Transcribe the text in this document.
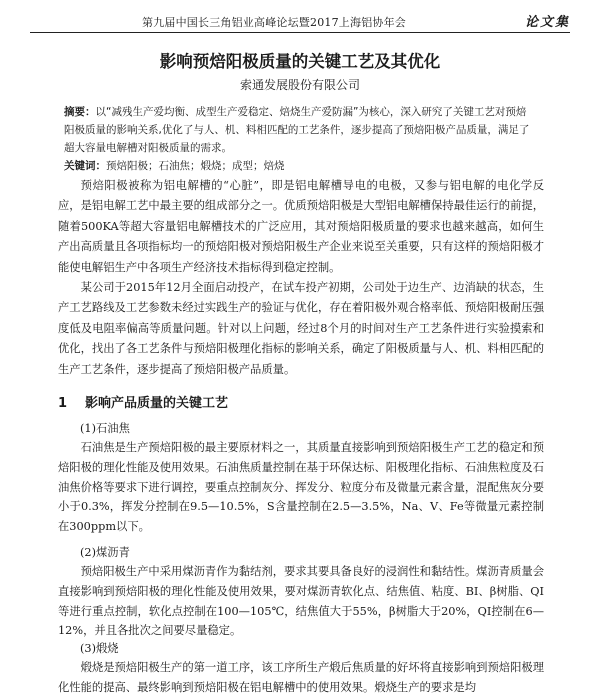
第九届中国长三角铝业高峰论坛暨2017上海铝协年会	论文集
影响预焙阳极质量的关键工艺及其优化
索通发展股份有限公司
摘要：以“减残生产爱均衡、成型生产爱稳定、焙烧生产爱防漏”为核心，深入研究了关键工艺对预焙阳极质量的影响关系,优化了与人、机、料相匹配的工艺条件，逐步提高了预焙阳极产品质量，满足了超大容量电解槽对阳极质量的需求。
关键词：预焙阳极；石油焦；煅烧；成型；焙烧
预焙阳极被称为铝电解槽的“心脏”，即是铝电解槽导电的电极，又参与铝电解的电化学反应，是铝电解工艺中最主要的组成部分之一。优质预焙阳极是大型铝电解槽保持最佳运行的前提，随着500KA等超大容量铝电解槽技术的广泛应用，其对预焙阳极质量的要求也越来越高，如何生产出高质量且各项指标均一的预焙阳极对预焙阳极生产企业来说至关重要，只有这样的预焙阳极才能使电解铝生产中各项生产经济技术指标得到稳定控制。
某公司于2015年12月全面启动投产，在试车投产初期，公司处于边生产、边消缺的状态，生产工艺路线及工艺参数未经过实践生产的验证与优化，存在着阳极外观合格率低、预焙阳极耐压强度低及电阻率偏高等质量问题。针对以上问题，经过8个月的时间对生产工艺条件进行实验摸索和优化，找出了各工艺条件与预焙阳极理化指标的影响关系，确定了阳极质量与人、机、料相匹配的生产工艺条件，逐步提高了预焙阳极产品质量。
1 影响产品质量的关键工艺
(1)石油焦
石油焦是生产预焙阳极的最主要原材料之一，其质量直接影响到预焙阳极生产工艺的稳定和预焙阳极的理化性能及使用效果。石油焦质量控制在基于环保达标、阳极理化指标、石油焦粒度及石油焦价格等要求下进行调控，要重点控制灰分、挥发分、粒度分布及微量元素含量，混配焦灰分要小于0.3%，挥发分控制在9.5—10.5%，S含量控制在2.5—3.5%，Na、V、Fe等微量元素控制在300ppm以下。
(2)煤沥青
预焙阳极生产中采用煤沥青作为黏结剂，要求其要具备良好的浸润性和黏结性。煤沥青质量会直接影响到预焙阳极的理化性能及使用效果，要对煤沥青软化点、结焦值、粘度、BI、β树脂、QI等进行重点控制，软化点控制在100—105℃，结焦值大于55%，β树脂大于20%，QI控制在6—12%，并且各批次之间要尽量稳定。
(3)煅烧
煅烧是预焙阳极生产的第一道工序，该工序所生产煅后焦质量的好坏将直接影响到预焙阳极理化性能的提高、最终影响到预焙阳极在铝电解槽中的使用效果。煅烧生产的要求是均
